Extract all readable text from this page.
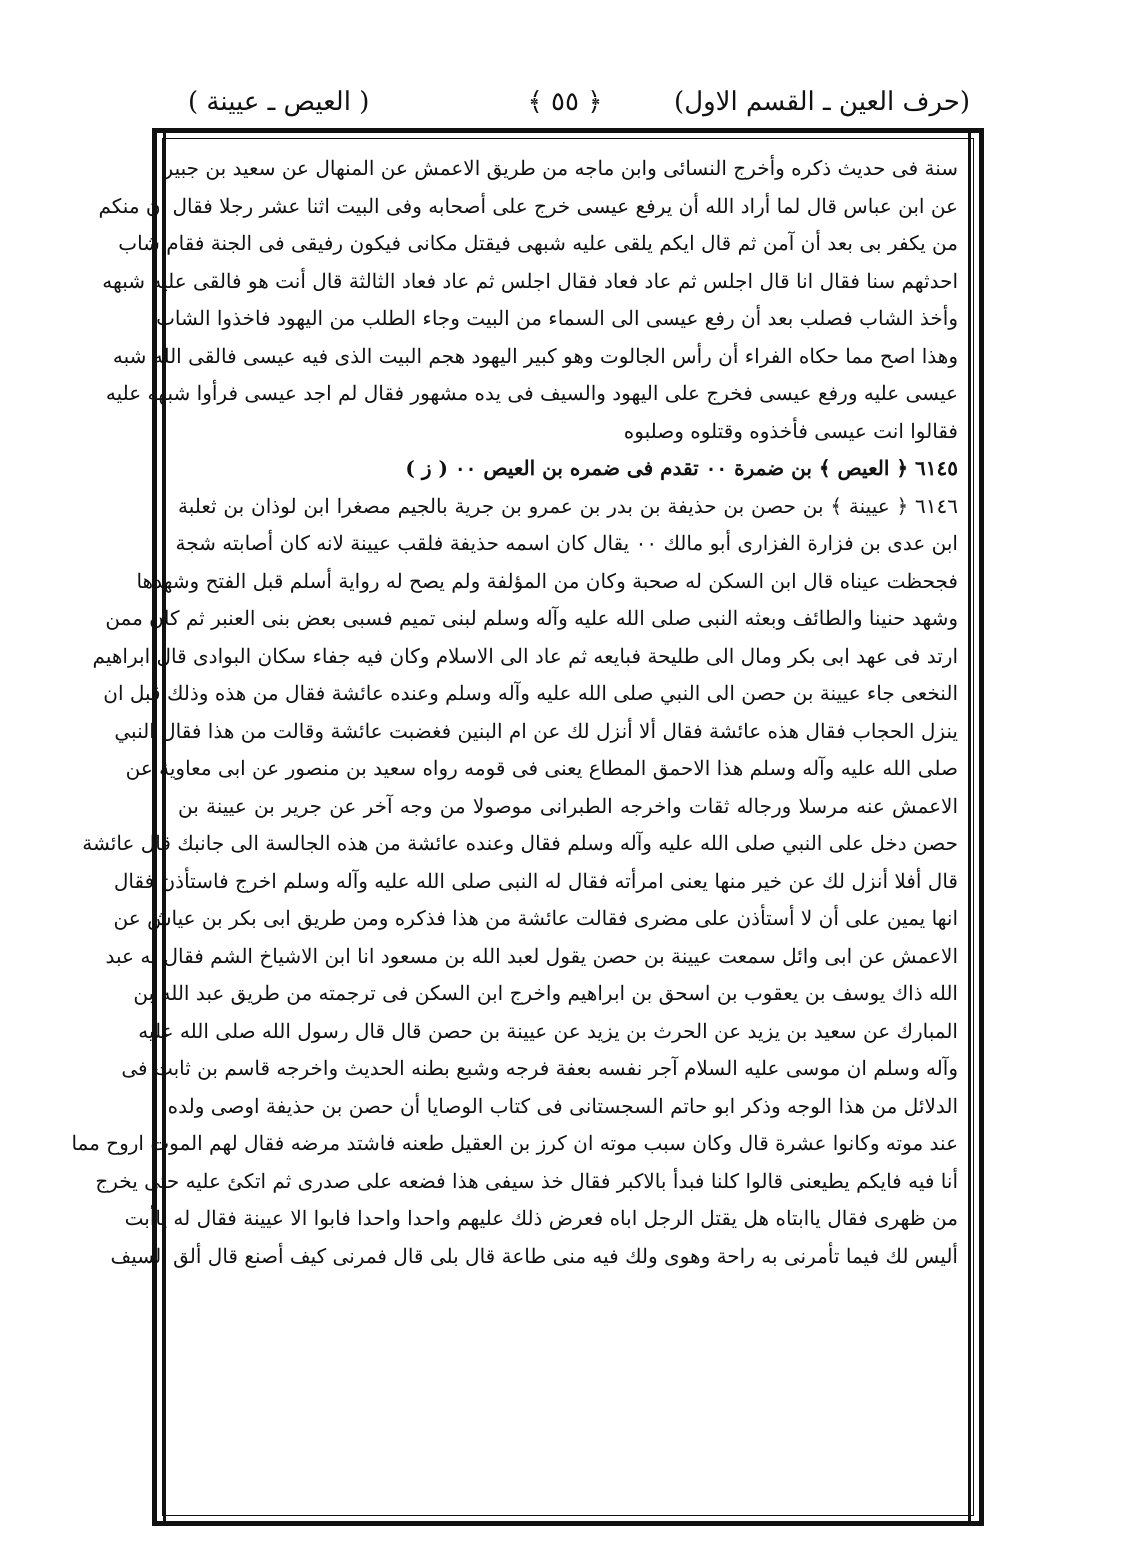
(حرف العين ـ القسم الاول)
﴿ ٥٥ ﴾
( العيص ـ عيينة )
سنة فى حديث ذكره وأخرج النسائى وابن ماجه من طريق الاعمش عن المنهال عن سعيد بن جبير
عن ابن عباس قال لما أراد الله أن يرفع عيسى خرج على أصحابه وفى البيت اثنا عشر رجلا فقال ان منكم
من يكفر بى بعد أن آمن ثم قال ايكم يلقى عليه شبهى فيقتل مكانى فيكون رفيقى فى الجنة فقام شاب
احدثهم سنا فقال انا قال اجلس ثم عاد فعاد فقال اجلس ثم عاد فعاد الثالثة قال أنت هو فالقى عليه شبهه
وأخذ الشاب فصلب بعد أن رفع عيسى الى السماء من البيت وجاء الطلب من اليهود فاخذوا الشاب
وهذا اصح مما حكاه الفراء أن رأس الجالوت وهو كبير اليهود هجم البيت الذى فيه عيسى فالقى الله شبه
عيسى عليه ورفع عيسى فخرج على اليهود والسيف فى يده مشهور فقال لم اجد عيسى فرأوا شبهه عليه
فقالوا انت عيسى فأخذوه وقتلوه وصلبوه
٦١٤٥ ﴿ العيص ﴾ بن ضمرة ٠٠ تقدم فى ضمره بن العيص ٠٠ ( ز )
٦١٤٦ ﴿ عيينة ﴾ بن حصن بن حذيفة بن بدر بن عمرو بن جرية بالجيم مصغرا ابن لوذان بن ثعلبة
ابن عدى بن فزارة الفزارى أبو مالك ٠٠ يقال كان اسمه حذيفة فلقب عيينة لانه كان أصابته شجة
فجحظت عيناه قال ابن السكن له صحبة وكان من المؤلفة ولم يصح له رواية أسلم قبل الفتح وشهدها
وشهد حنينا والطائف وبعثه النبى صلى الله عليه وآله وسلم لبنى تميم فسبى بعض بنى العنبر ثم كان ممن
ارتد فى عهد ابى بكر ومال الى طليحة فبايعه ثم عاد الى الاسلام وكان فيه جفاء سكان البوادى قال ابراهيم
النخعى جاء عيينة بن حصن الى النبي صلى الله عليه وآله وسلم وعنده عائشة فقال من هذه وذلك قبل ان
ينزل الحجاب فقال هذه عائشة فقال ألا أنزل لك عن ام البنين فغضبت عائشة وقالت من هذا فقال النبي
صلى الله عليه وآله وسلم هذا الاحمق المطاع يعنى فى قومه رواه سعيد بن منصور عن ابى معاوية عن
الاعمش عنه مرسلا ورجاله ثقات واخرجه الطبرانى موصولا من وجه آخر عن جرير بن عيينة بن
حصن دخل على النبي صلى الله عليه وآله وسلم فقال وعنده عائشة من هذه الجالسة الى جانبك قال عائشة
قال أفلا أنزل لك عن خير منها يعنى امرأته فقال له النبى صلى الله عليه وآله وسلم اخرج فاستأذن فقال
انها يمين على أن لا أستأذن على مضرى فقالت عائشة من هذا فذكره ومن طريق ابى بكر بن عياش عن
الاعمش عن ابى وائل سمعت عيينة بن حصن يقول لعبد الله بن مسعود انا ابن الاشياخ الشم فقال له عبد
الله ذاك يوسف بن يعقوب بن اسحق بن ابراهيم واخرج ابن السكن فى ترجمته من طريق عبد الله بن
المبارك عن سعيد بن يزيد عن الحرث بن يزيد عن عيينة بن حصن قال قال رسول الله صلى الله عليه
وآله وسلم ان موسى عليه السلام آجر نفسه بعفة فرجه وشبع بطنه الحديث واخرجه قاسم بن ثابت فى
الدلائل من هذا الوجه وذكر ابو حاتم السجستانى فى كتاب الوصايا أن حصن بن حذيفة اوصى ولده
عند موته وكانوا عشرة قال وكان سبب موته ان كرز بن العقيل طعنه فاشتد مرضه فقال لهم الموت اروح مما
أنا فيه فايكم يطيعنى قالوا كلنا فبدأ بالاكبر فقال خذ سيفى هذا فضعه على صدرى ثم اتكئ عليه حتى يخرج
من ظهرى فقال ياابتاه هل يقتل الرجل اباه فعرض ذلك عليهم واحدا واحدا فابوا الا عيينة فقال له ياأبت
أليس لك فيما تأمرنى به راحة وهوى ولك فيه منى طاعة قال بلى قال فمرنى كيف أصنع قال ألق السيف
